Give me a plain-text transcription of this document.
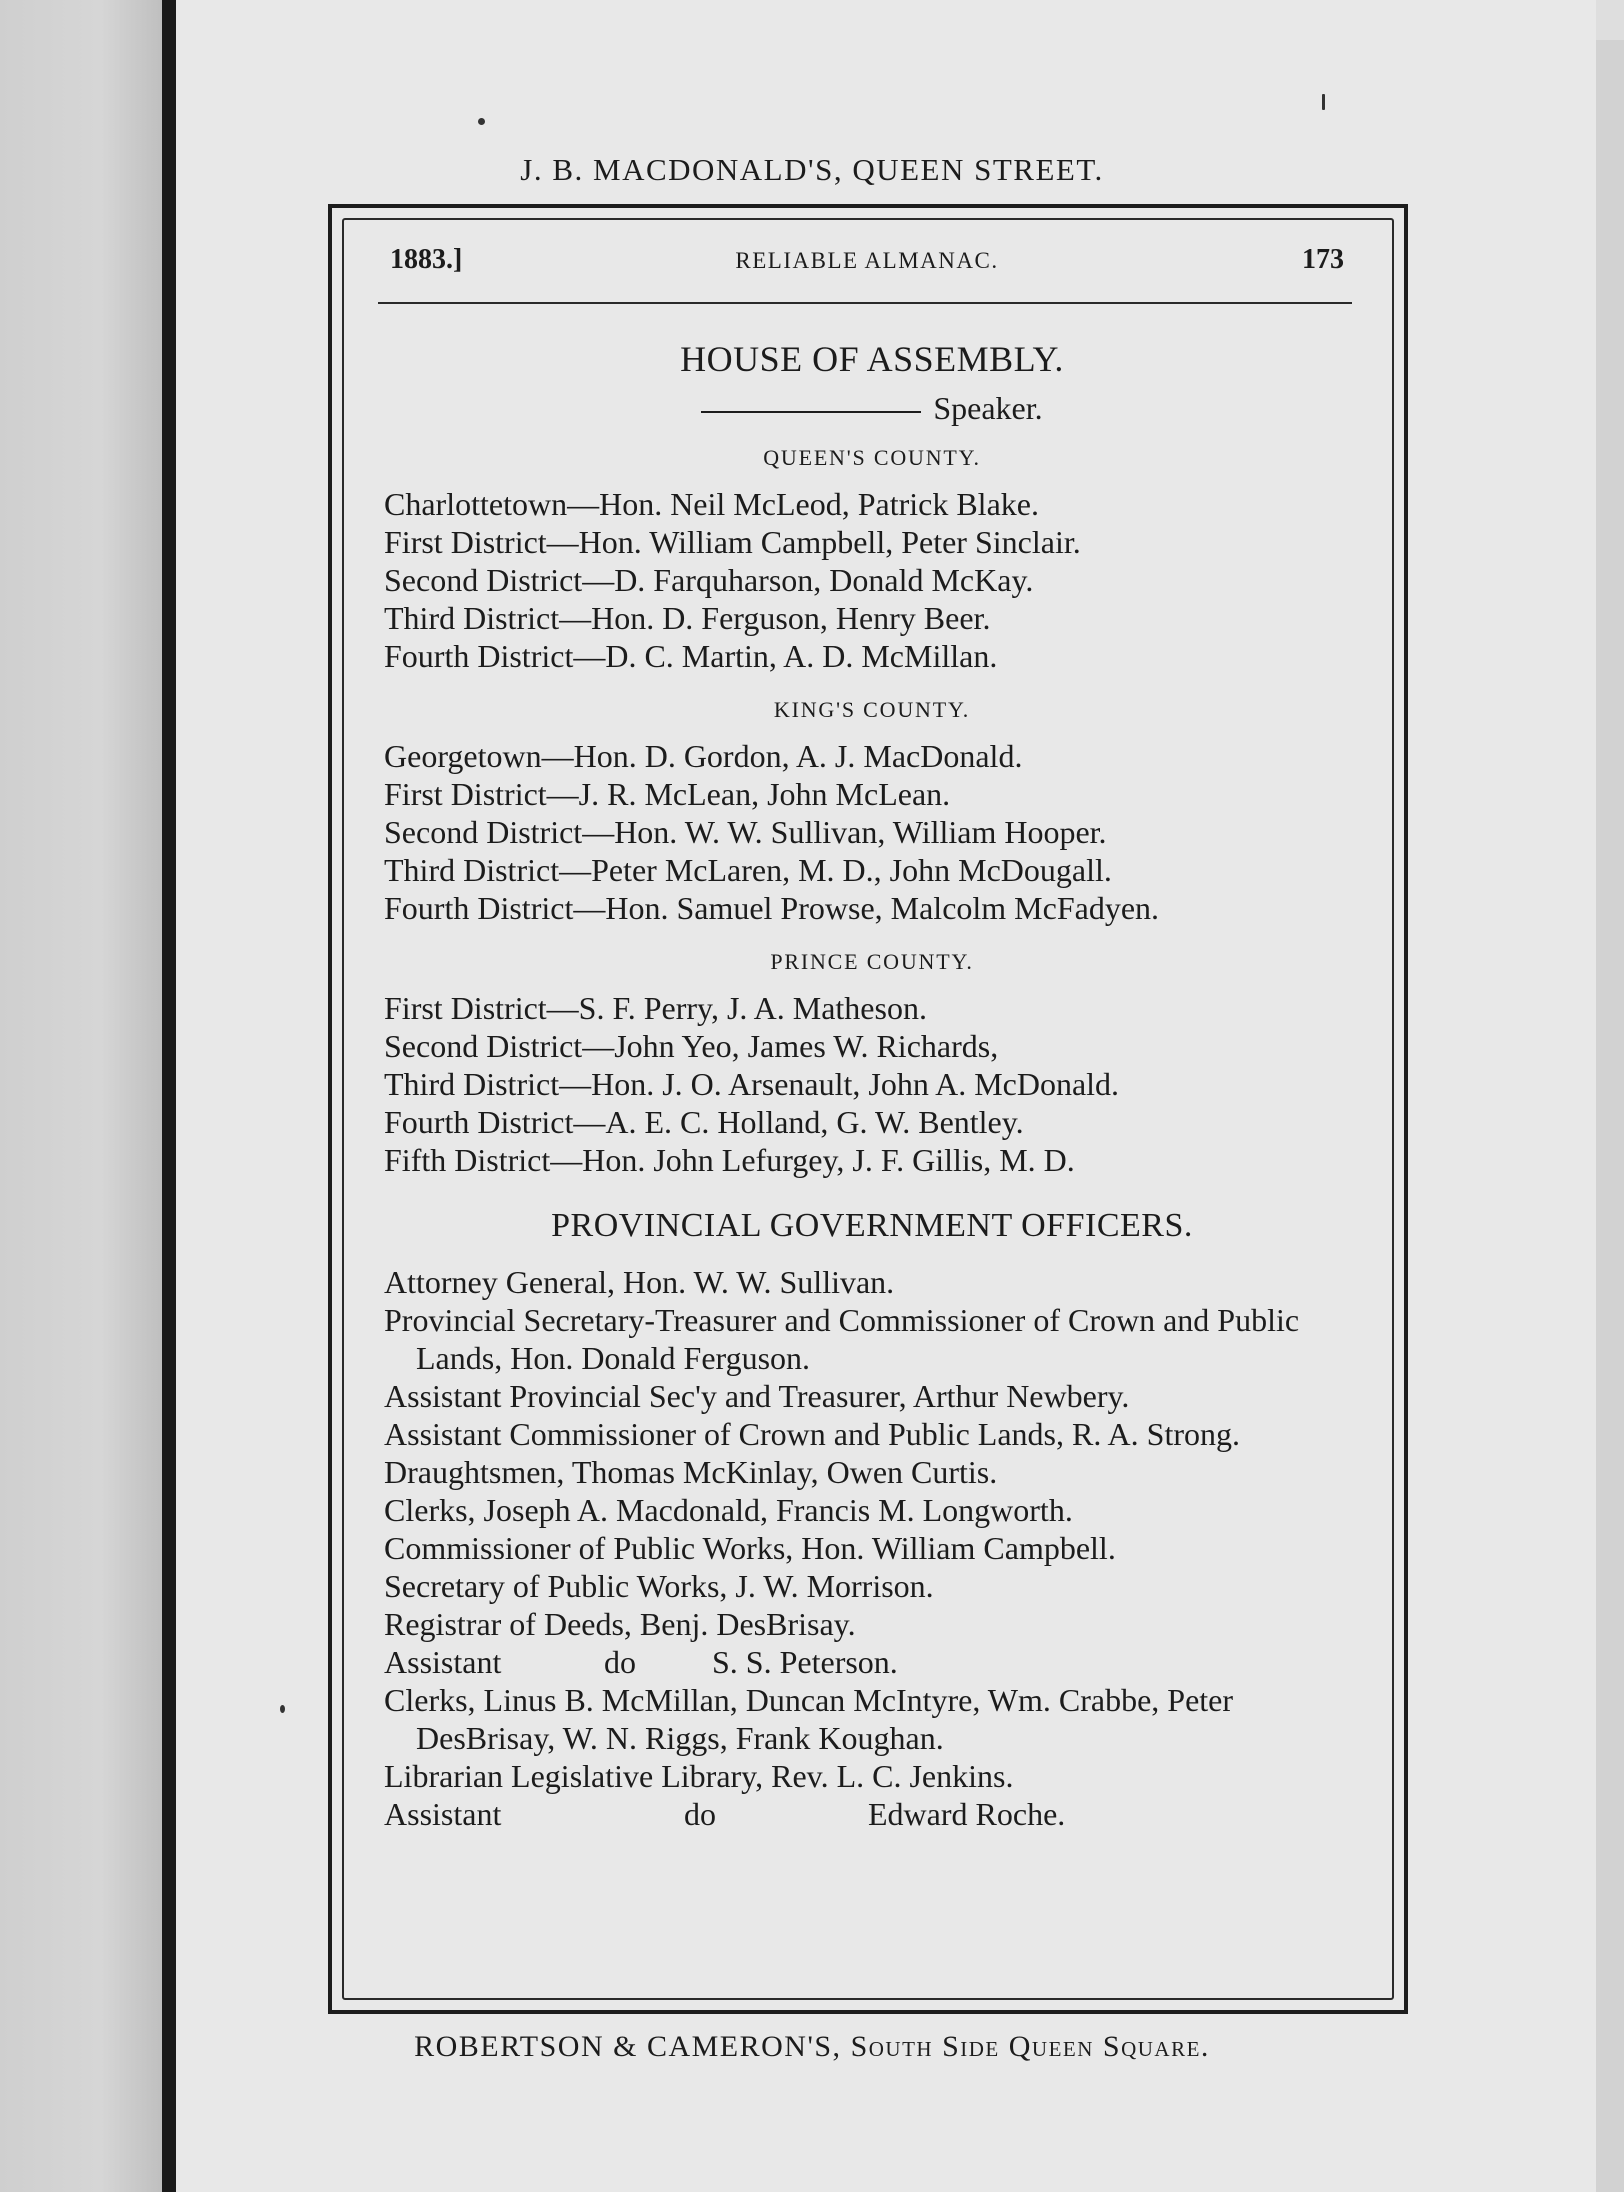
J. B. MACDONALD'S, QUEEN STREET.
1883.]	RELIABLE ALMANAC.	173
HOUSE OF ASSEMBLY.
Speaker.
QUEEN'S COUNTY.

Charlottetown—Hon. Neil McLeod, Patrick Blake.

First District—Hon. William Campbell, Peter Sinclair.

Second District—D. Farquharson, Donald McKay.

Third District—Hon. D. Ferguson, Henry Beer.

Fourth District—D. C. Martin, A. D. McMillan.

KING'S COUNTY.

Georgetown—Hon. D. Gordon, A. J. MacDonald.

First District—J. R. McLean, John McLean.

Second District—Hon. W. W. Sullivan, William Hooper.

Third District—Peter McLaren, M. D., John McDougall.

Fourth District—Hon. Samuel Prowse, Malcolm McFadyen.

PRINCE COUNTY.

First District—S. F. Perry, J. A. Matheson.

Second District—John Yeo, James W. Richards,

Third District—Hon. J. O. Arsenault, John A. McDonald.

Fourth District—A. E. C. Holland, G. W. Bentley.

Fifth District—Hon. John Lefurgey, J. F. Gillis, M. D.

PROVINCIAL GOVERNMENT OFFICERS.

Attorney General, Hon. W. W. Sullivan.

Provincial Secretary-Treasurer and Commissioner of Crown and Public Lands, Hon. Donald Ferguson.

Assistant Provincial Sec'y and Treasurer, Arthur Newbery.

Assistant Commissioner of Crown and Public Lands, R. A. Strong.

Draughtsmen, Thomas McKinlay, Owen Curtis.

Clerks, Joseph A. Macdonald, Francis M. Longworth.

Commissioner of Public Works, Hon. William Campbell.

Secretary of Public Works, J. W. Morrison.

Registrar of Deeds, Benj. DesBrisay.

Assistant	do S. S. Peterson.

Clerks, Linus B. McMillan, Duncan McIntyre, Wm. Crabbe, Peter DesBrisay, W. N. Riggs, Frank Koughan.

Librarian Legislative Library, Rev. L. C. Jenkins.

Assistant	do	Edward Roche.

ROBERTSON & CAMERON'S, South Side Queen Square.
